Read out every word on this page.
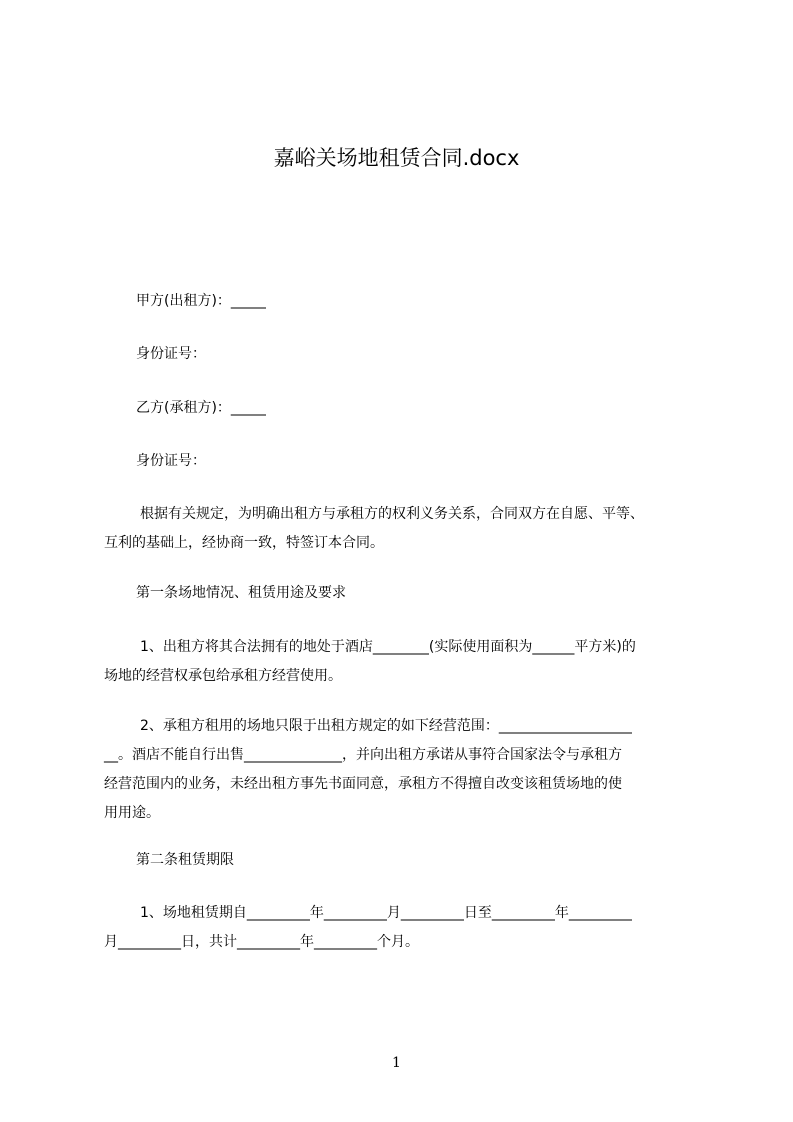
嘉峪关场地租赁合同.docx
甲方(出租方)：_____
身份证号：
乙方(承租方)：_____
身份证号：
根据有关规定，为明确出租方与承租方的权利义务关系，合同双方在自愿、平等、
互利的基础上，经协商一致，特签订本合同。
第一条场地情况、租赁用途及要求
1、出租方将其合法拥有的地处于酒店________(实际使用面积为______平方米)的
场地的经营权承包给承租方经营使用。
2、承租方租用的场地只限于出租方规定的如下经营范围：___________________
__。酒店不能自行出售______________，并向出租方承诺从事符合国家法令与承租方
经营范围内的业务，未经出租方事先书面同意，承租方不得擅自改变该租赁场地的使
用用途。
第二条租赁期限
1、场地租赁期自_________年_________月_________日至_________年_________
月_________日，共计_________年_________个月。
1
